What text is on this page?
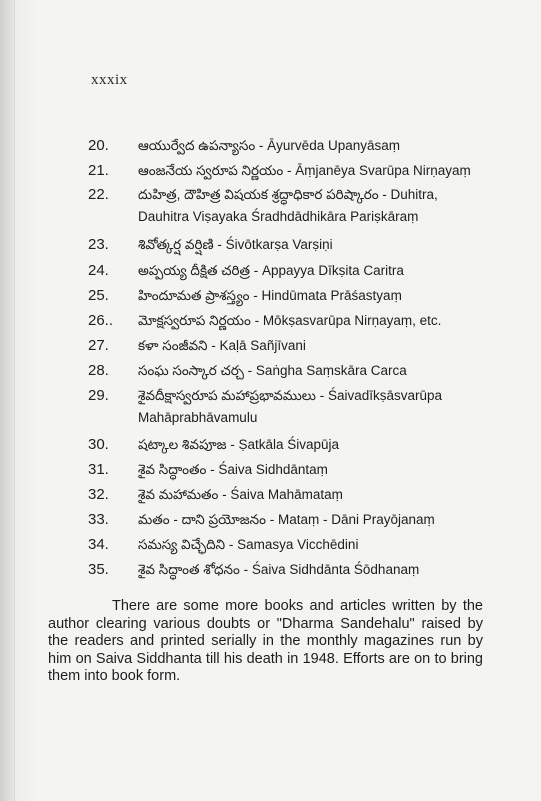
xxxix
20.	ఆయుర్వేద ఉపన్యాసం - Āyurvēda Upanyāsaṃ
21.	ఆంజనేయ స్వరూప నిర్ణయం - Āṃjanēya Svarūpa Nirṇayaṃ
22.	దుహిత్ర, దౌహిత్ర విషయక శ్రద్ధాధికార పరిష్కారం - Duhitra,
Dauhitra Viṣayaka Śradhdādhikāra Pariṣkāraṃ
23.	శివోత్కర్ష వర్షిణి - Śivōtkarṣa Varṣiṇi
24.	అప్పయ్య దీక్షిత చరిత్ర - Appayya Dīkṣita Caritra
25.	హిందూమత ప్రాశస్త్యం - Hindūmata Prāśastyaṃ
26..	మోక్షస్వరూప నిర్ణయం - Mōkṣasvarūpa Nirṇayaṃ, etc.
27.	కళా సంజీవని - Kaḷā Sañjīvani
28.	సంఘ సంస్కార చర్చ - Saṅgha Saṃskāra Carca
29.	శైవదీక్షాస్వరూప మహాప్రభావములు - Śaivadīkṣāsvarūpa
Mahāprabhāvamulu
30.	షట్కాల శివపూజ - Ṣatkāla Śivapūja
31.	శైవ సిద్ధాంతం - Śaiva Sidhdāntaṃ
32.	శైవ మహామతం - Śaiva Mahāmataṃ
33.	మతం - దాని ప్రయోజనం - Mataṃ - Dāni Prayōjanaṃ
34.	సమస్య విచ్ఛేదిని - Samasya Vicchēdini
35.	శైవ సిద్ధాంత శోధనం - Śaiva Sidhdānta Śōdhanaṃ
There are some more books and articles written by the author clearing various doubts or "Dharma Sandehalu" raised by the readers and printed serially in the monthly magazines run by him on Saiva Siddhanta till his death in 1948. Efforts are on to bring them into book form.
